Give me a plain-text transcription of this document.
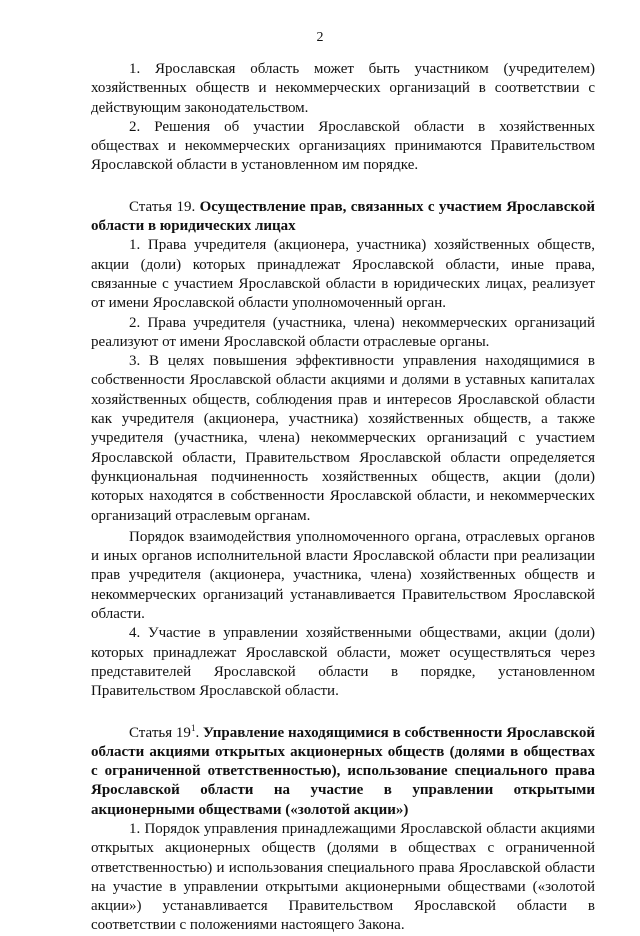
2

1. Ярославская область может быть участником (учредителем) хозяйственных обществ и некоммерческих организаций в соответствии с действующим законодательством.

2. Решения об участии Ярославской области в хозяйственных обществах и некоммерческих организациях принимаются Правительством Ярославской области в установленном им порядке.

Статья 19. Осуществление прав, связанных с участием Ярославской области в юридических лицах

1. Права учредителя (акционера, участника) хозяйственных обществ, акции (доли) которых принадлежат Ярославской области, иные права, связанные с участием Ярославской области в юридических лицах, реализует от имени Ярославской области уполномоченный орган.

2. Права учредителя (участника, члена) некоммерческих организаций реализуют от имени Ярославской области отраслевые органы.

3. В целях повышения эффективности управления находящимися в собственности Ярославской области акциями и долями в уставных капиталах хозяйственных обществ, соблюдения прав и интересов Ярославской области как учредителя (акционера, участника) хозяйственных обществ, а также учредителя (участника, члена) некоммерческих организаций с участием Ярославской области, Правительством Ярославской области определяется функциональная подчиненность хозяйственных обществ, акции (доли) которых находятся в собственности Ярославской области, и некоммерческих организаций отраслевым органам.

Порядок взаимодействия уполномоченного органа, отраслевых органов и иных органов исполнительной власти Ярославской области при реализации прав учредителя (акционера, участника, члена) хозяйственных обществ и некоммерческих организаций устанавливается Правительством Ярославской области.

4. Участие в управлении хозяйственными обществами, акции (доли) которых принадлежат Ярославской области, может осуществляться через представителей Ярославской области в порядке, установленном Правительством Ярославской области.

Статья $19^1$. Управление находящимися в собственности Ярославской области акциями открытых акционерных обществ (долями в обществах с ограниченной ответственностью), использование специального права Ярославской области на участие в управлении открытыми акционерными обществами («золотой акции»)

1. Порядок управления принадлежащими Ярославской области акциями открытых акционерных обществ (долями в обществах с ограниченной ответственностью) и использования специального права Ярославской области на участие в управлении открытыми акционерными обществами («золотой акции») устанавливается Правительством Ярославской области в соответствии с положениями настоящего Закона.
